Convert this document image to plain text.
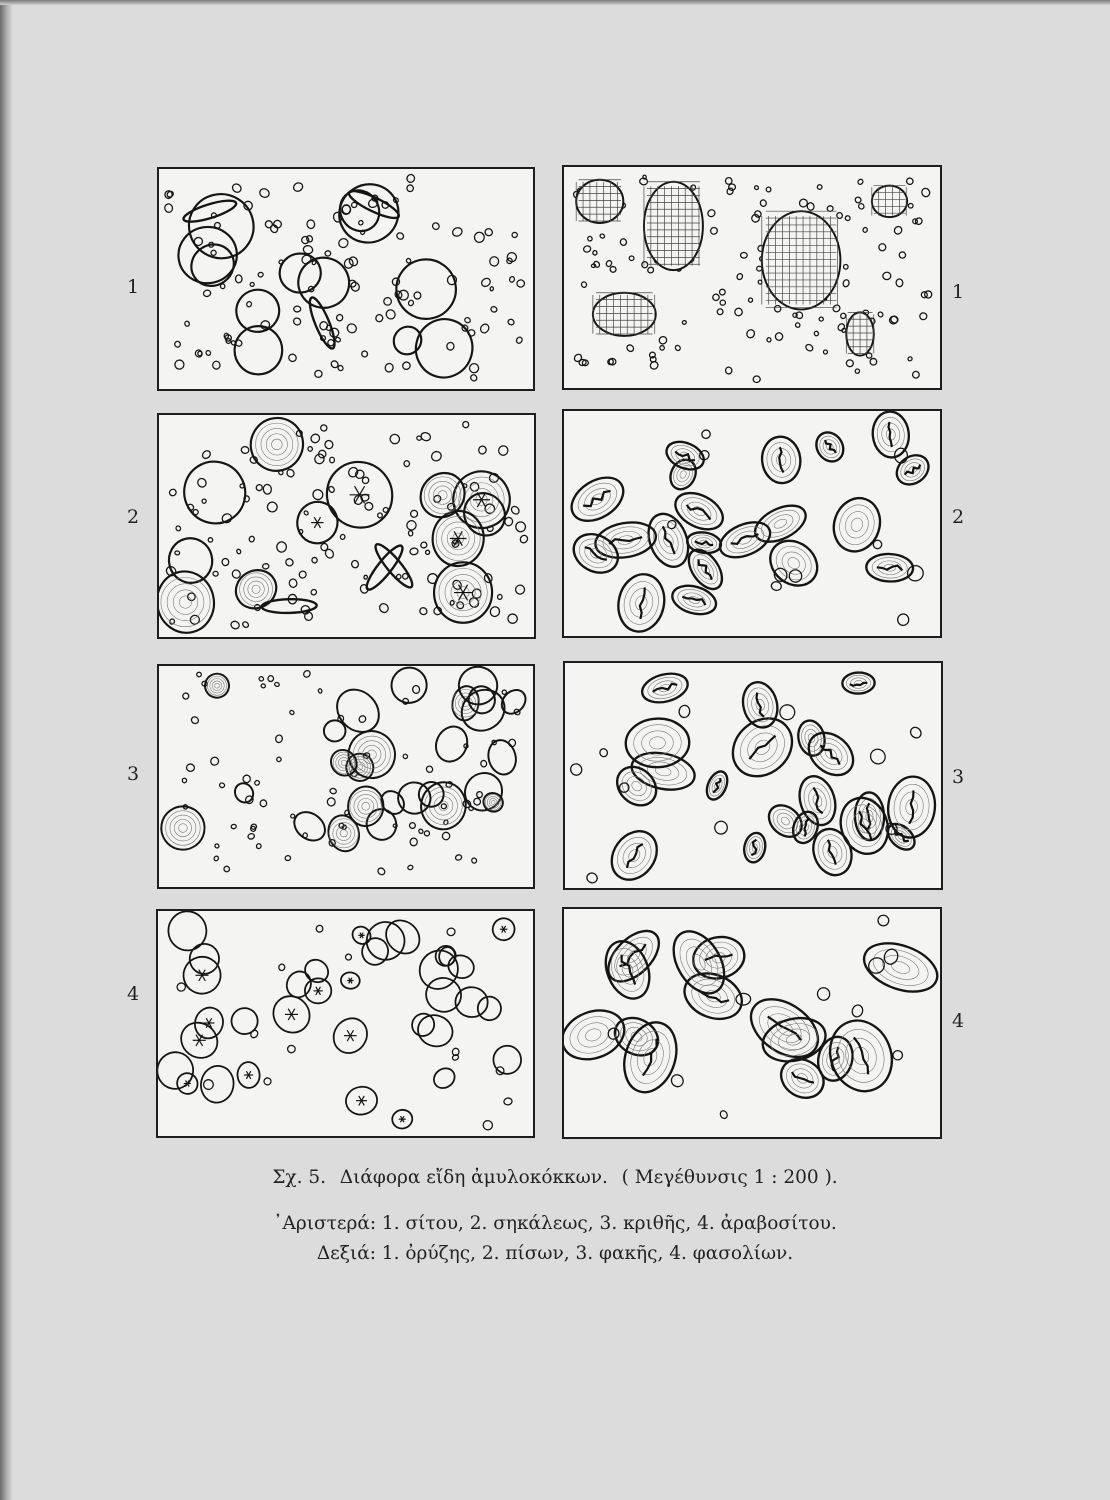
1
2
3
4
1
2
3
4
Σχ. 5. Διάφορα εἴδη ἀμυλοκόκκων. ( Μεγέθυνσις 1 : 200 ).
᾿Αριστερά: 1. σίτου, 2. σηκάλεως, 3. κριθῆς, 4. ἀραβοσίτου.
Δεξιά: 1. ὀρύζης, 2. πίσων, 3. φακῆς, 4. φασολίων.
